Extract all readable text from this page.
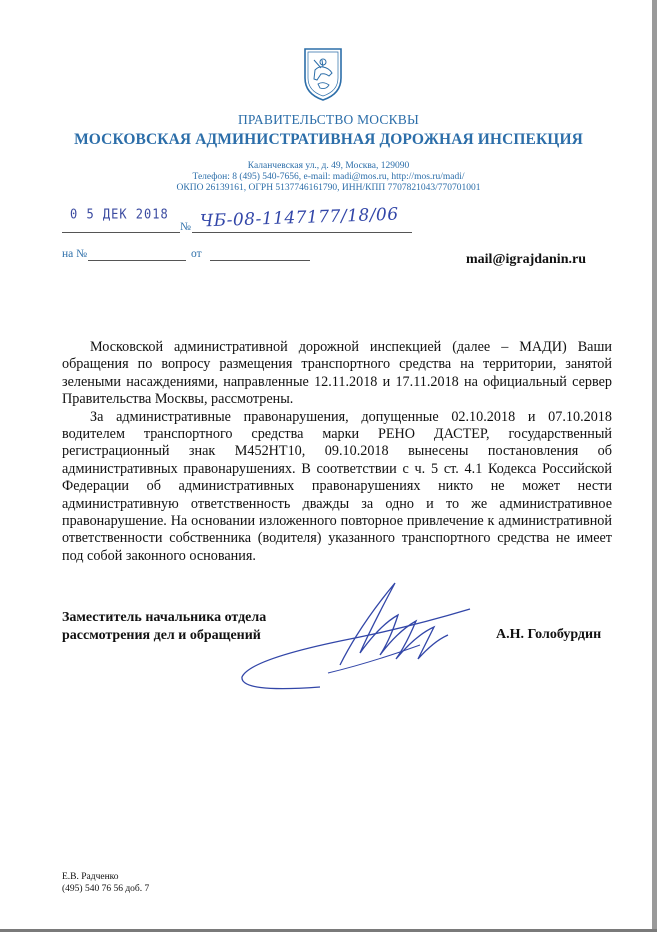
ПРАВИТЕЛЬСТВО МОСКВЫ
МОСКОВСКАЯ АДМИНИСТРАТИВНАЯ ДОРОЖНАЯ ИНСПЕКЦИЯ
Каланчевская ул., д. 49, Москва, 129090
Телефон: 8 (495) 540-7656, e-mail: madi@mos.ru, http://mos.ru/madi/
ОКПО 26139161, ОГРН 5137746161790, ИНН/КПП 7707821043/770701001
0 5 ДЕК 2018
№ ЧБ-08-1147177/18/06
на №	от	mail@igrajdanin.ru

Московской административной дорожной инспекцией (далее – МАДИ) Ваши обращения по вопросу размещения транспортного средства на территории, занятой зелеными насаждениями, направленные 12.11.2018 и 17.11.2018 на официальный сервер Правительства Москвы, рассмотрены.

За административные правонарушения, допущенные 02.10.2018 и 07.10.2018 водителем транспортного средства марки РЕНО ДАСТЕР, государственный регистрационный знак М452НТ10, 09.10.2018 вынесены постановления об административных правонарушениях. В соответствии с ч. 5 ст. 4.1 Кодекса Российской Федерации об административных правонарушениях никто не может нести административную ответственность дважды за одно и то же административное правонарушение. На основании изложенного повторное привлечение к административной ответственности собственника (водителя) указанного транспортного средства не имеет под собой законного основания.

Заместитель начальника отдела
рассмотрения дел и обращений	А.Н. Голобурдин
Е.В. Радченко
(495) 540 76 56 доб. 7
